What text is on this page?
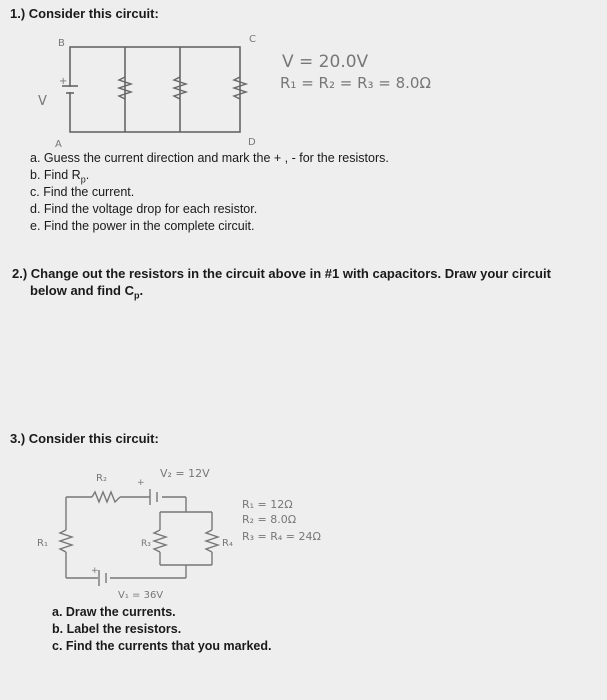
1.) Consider this circuit:
B	C
A	D
V
+
V = 20.0V
R₁ = R₂ = R₃ = 8.0Ω
R₂	V₂ = 12V
+
R₁	R₃	R₄
V₁ = 36V
+
R₁ = 12Ω
R₂ = 8.0Ω
R₃ = R₄ = 24Ω
a. Guess the current direction and mark the + , - for the resistors.
b. Find $R_p$.
c. Find the current.
d. Find the voltage drop for each resistor.
e. Find the power in the complete circuit.
2.) Change out the resistors in the circuit above in #1 with capacitors. Draw your circuit
below and find $C_p$.
3.) Consider this circuit:
a. Draw the currents.
b. Label the resistors.
c. Find the currents that you marked.
